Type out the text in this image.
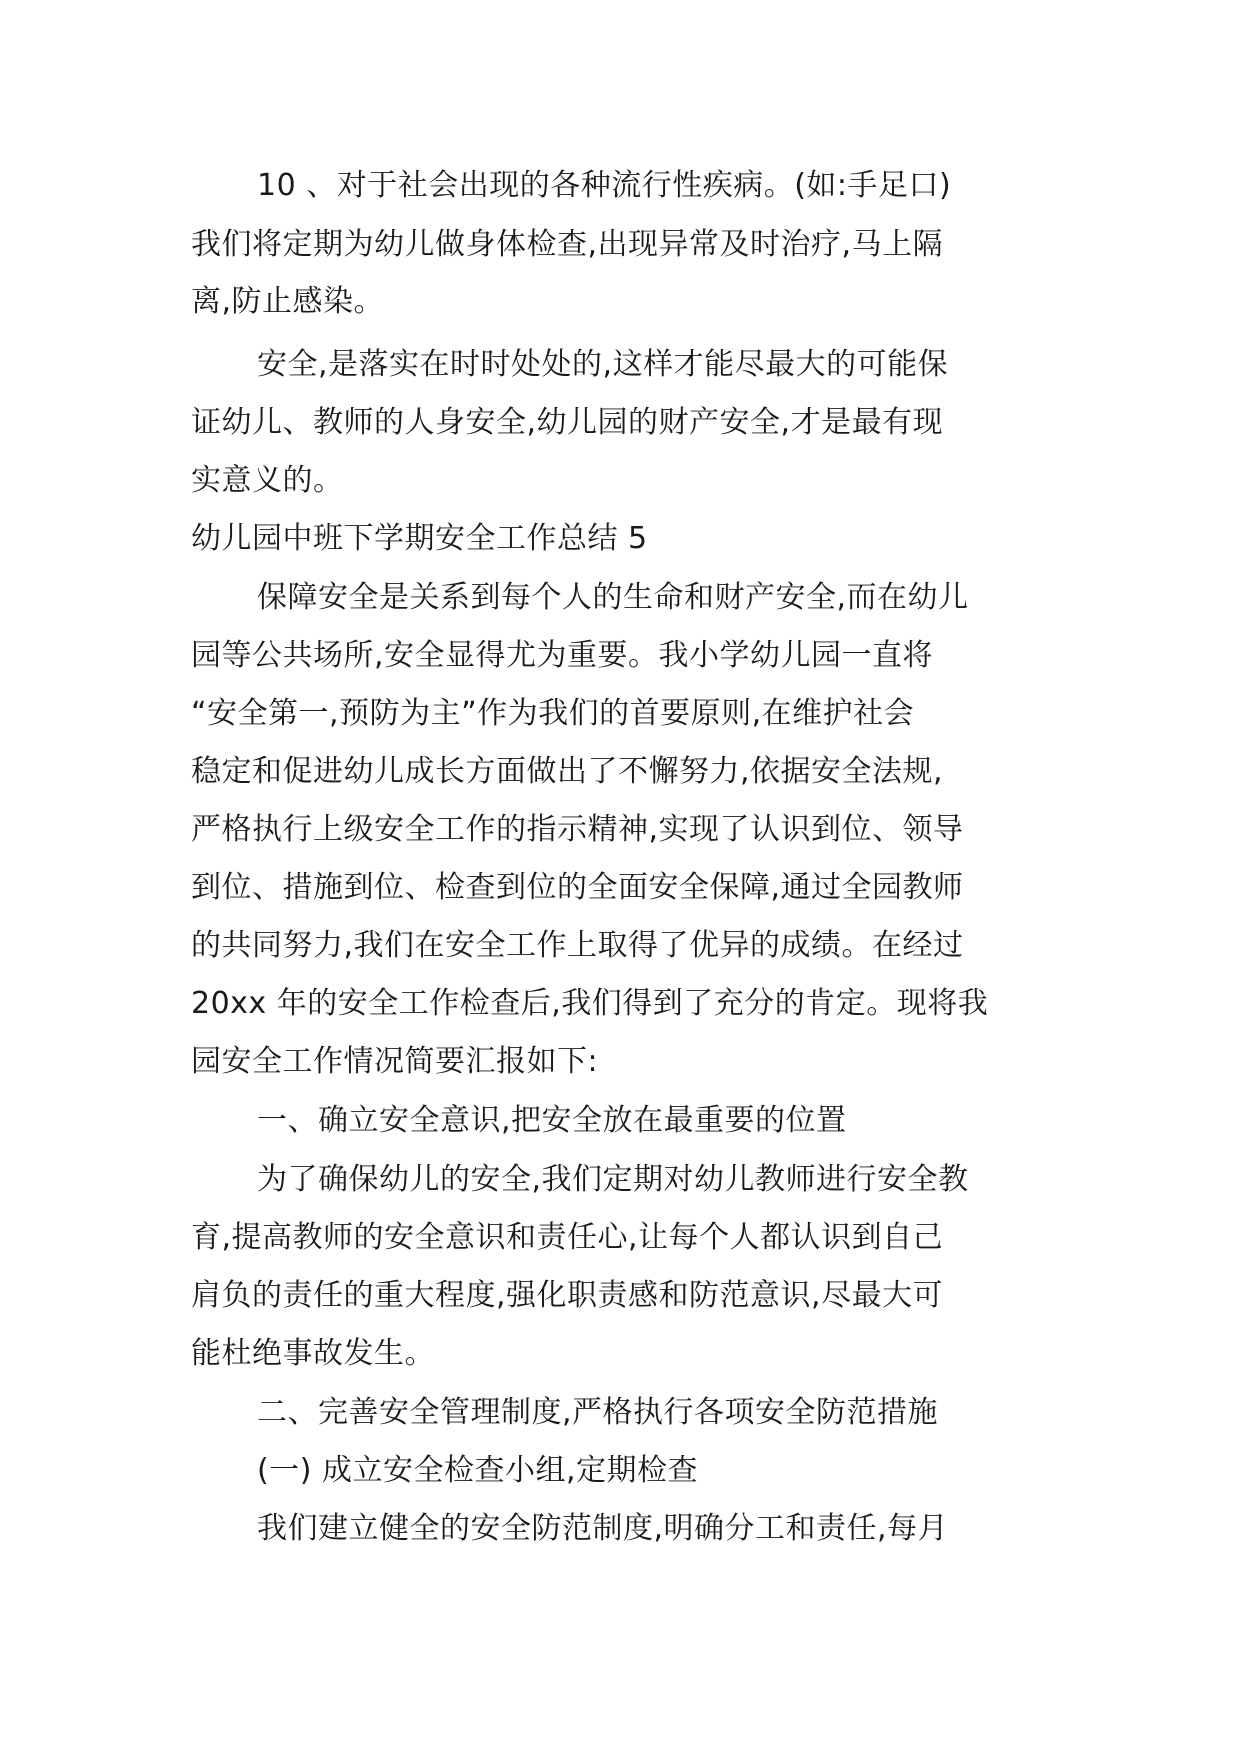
10 、对于社会出现的各种流行性疾病。(如:手足口)
我们将定期为幼儿做身体检查,出现异常及时治疗,马上隔
离,防止感染。
安全,是落实在时时处处的,这样才能尽最大的可能保
证幼儿、教师的人身安全,幼儿园的财产安全,才是最有现
实意义的。
幼儿园中班下学期安全工作总结 5
保障安全是关系到每个人的生命和财产安全,而在幼儿
园等公共场所,安全显得尤为重要。我小学幼儿园一直将
“安全第一,预防为主”作为我们的首要原则,在维护社会
稳定和促进幼儿成长方面做出了不懈努力,依据安全法规,
严格执行上级安全工作的指示精神,实现了认识到位、领导
到位、措施到位、检查到位的全面安全保障,通过全园教师
的共同努力,我们在安全工作上取得了优异的成绩。在经过
20xx 年的安全工作检查后,我们得到了充分的肯定。现将我
园安全工作情况简要汇报如下:
一、确立安全意识,把安全放在最重要的位置
为了确保幼儿的安全,我们定期对幼儿教师进行安全教
育,提高教师的安全意识和责任心,让每个人都认识到自己
肩负的责任的重大程度,强化职责感和防范意识,尽最大可
能杜绝事故发生。
二、完善安全管理制度,严格执行各项安全防范措施
(一) 成立安全检查小组,定期检查
我们建立健全的安全防范制度,明确分工和责任,每月
